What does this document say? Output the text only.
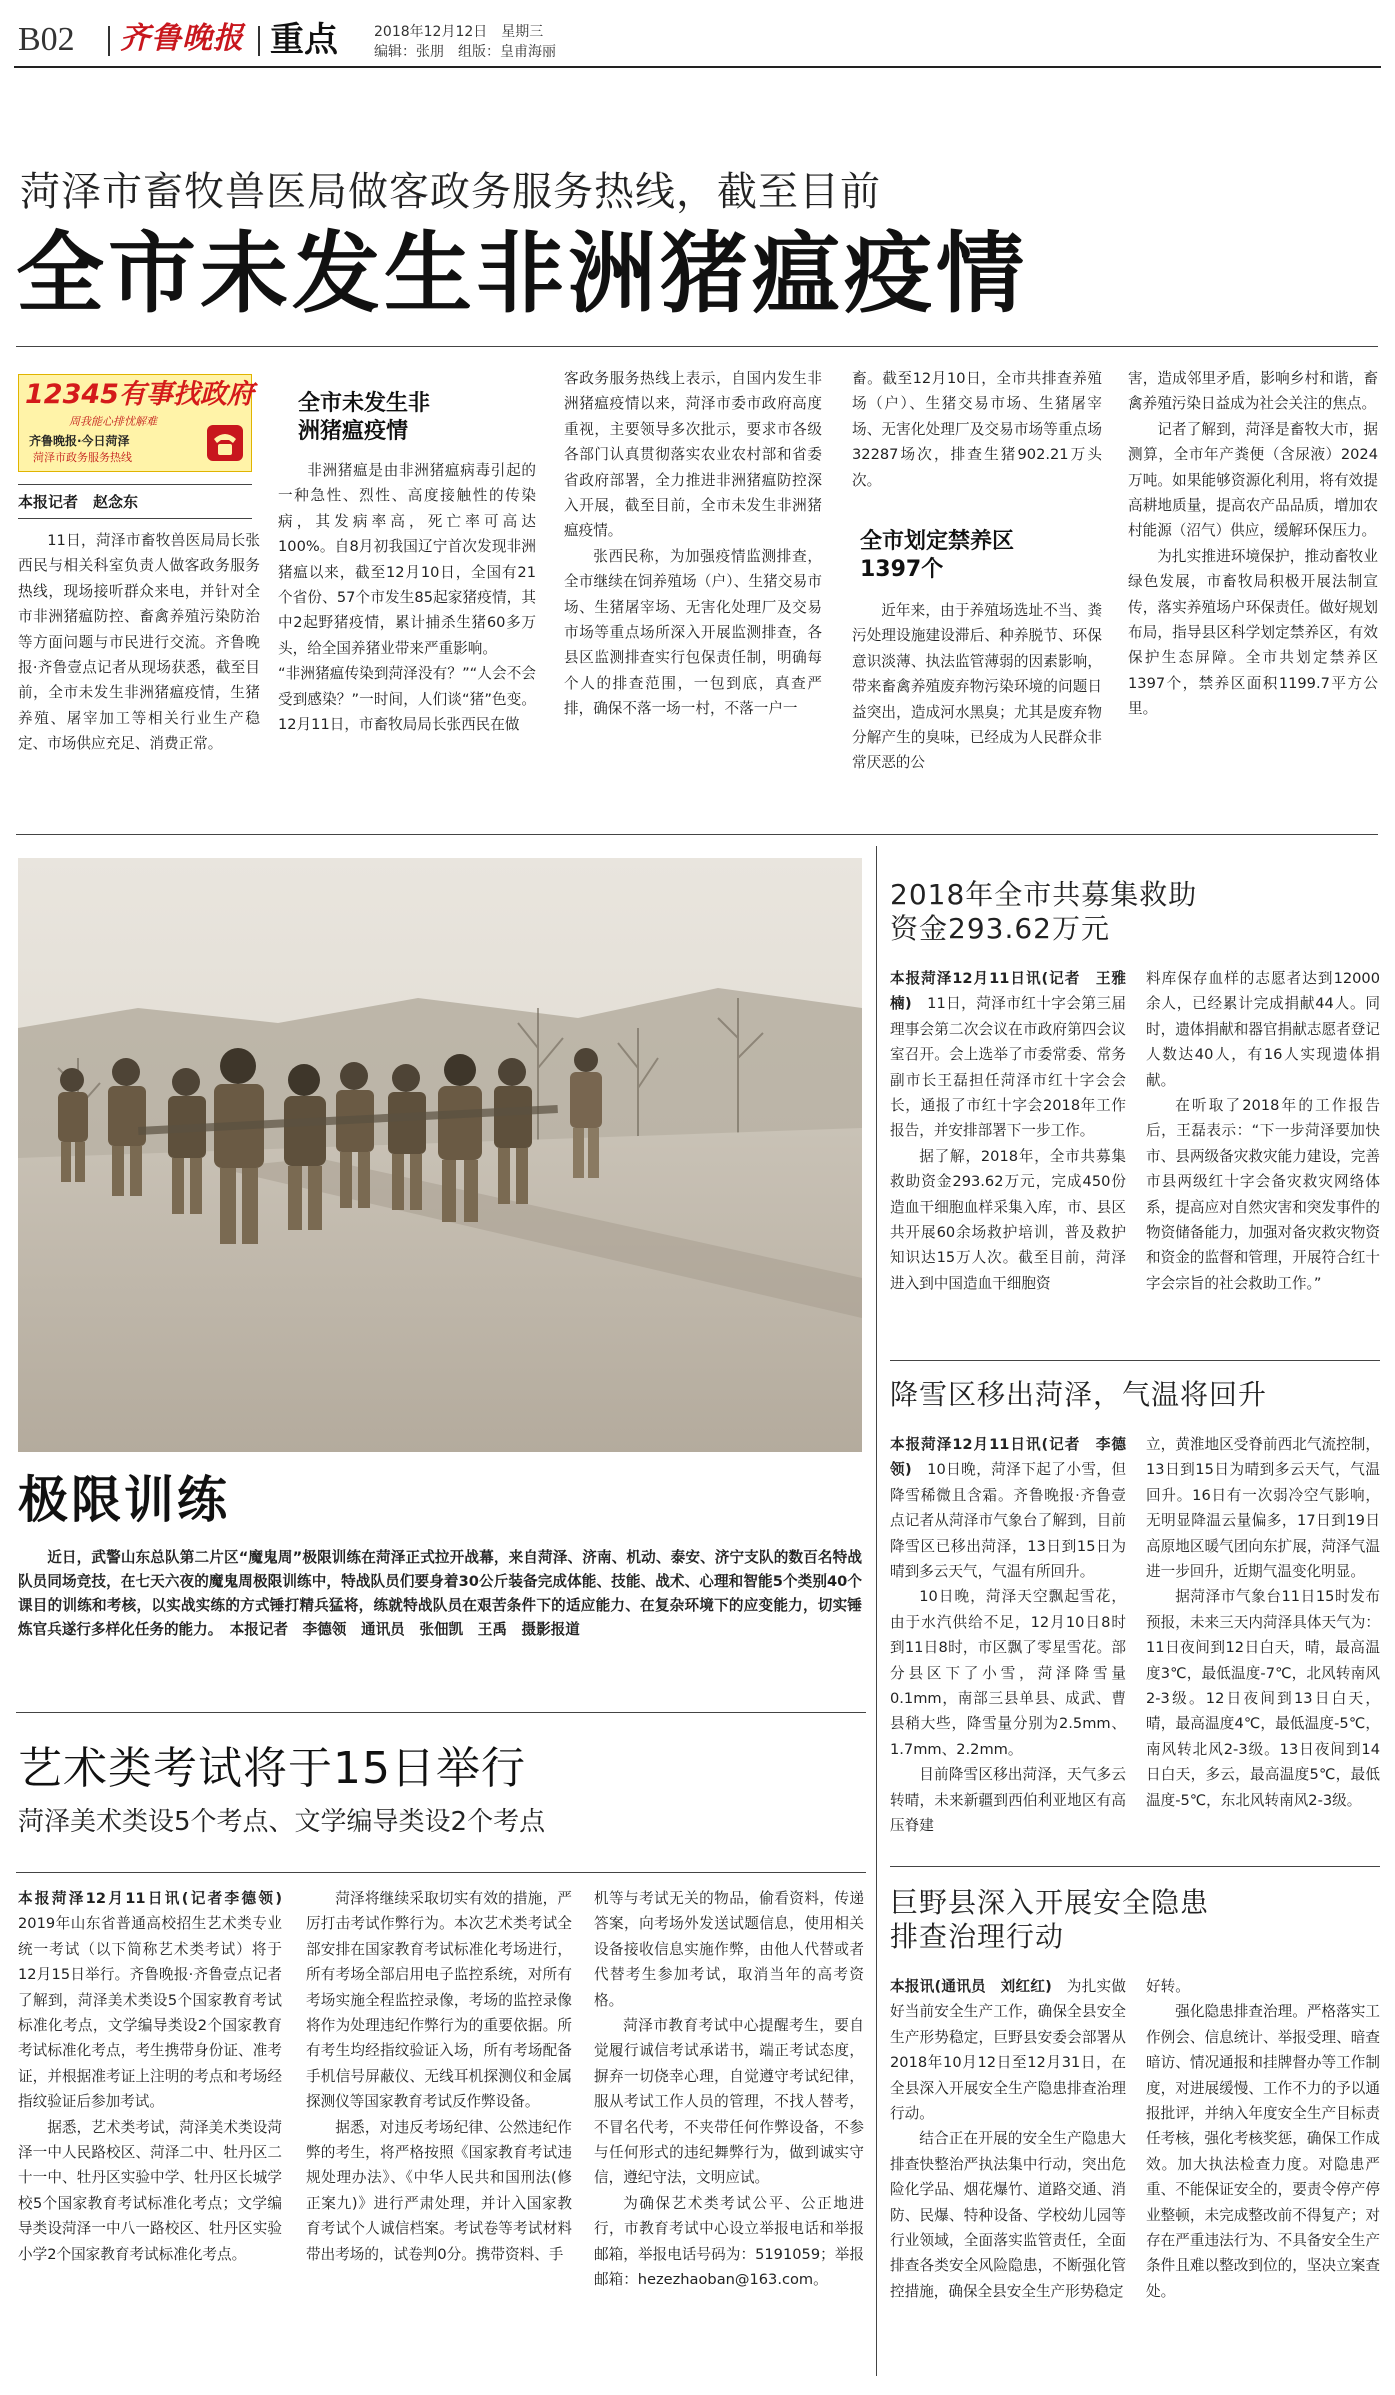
B02 齐鲁晚报 重点	2018年12月12日　 星期三
编辑：张朋　 组版：皇甫海丽
菏泽市畜牧兽医局做客政务服务热线，截至目前
全市未发生非洲猪瘟疫情
12345有事找政府
周我能心排忧解难
齐鲁晚报·今日菏泽
菏泽市政务服务热线
本报记者　赵念东

11日，菏泽市畜牧兽医局局长张西民与相关科室负责人做客政务服务热线，现场接听群众来电，并针对全市非洲猪瘟防控、畜禽养殖污染防治等方面问题与市民进行交流。齐鲁晚报·齐鲁壹点记者从现场获悉，截至目前，全市未发生非洲猪瘟疫情，生猪养殖、屠宰加工等相关行业生产稳定、市场供应充足、消费正常。

全市未发生非洲猪瘟疫情

非洲猪瘟是由非洲猪瘟病毒引起的一种急性、烈性、高度接触性的传染病，其发病率高，死亡率可高达100%。自8月初我国辽宁首次发现非洲猪瘟以来，截至12月10日，全国有21个省份、57个市发生85起家猪疫情，其中2起野猪疫情，累计捕杀生猪60多万头，给全国养猪业带来严重影响。
“非洲猪瘟传染到菏泽没有？”“人会不会受到感染？”一时间，人们谈“猪”色变。12月11日，市畜牧局局长张西民在做

客政务服务热线上表示，自国内发生非洲猪瘟疫情以来，菏泽市委市政府高度重视，主要领导多次批示，要求市各级各部门认真贯彻落实农业农村部和省委省政府部署，全力推进非洲猪瘟防控深入开展，截至目前，全市未发生非洲猪瘟疫情。

张西民称，为加强疫情监测排查，全市继续在饲养殖场（户）、生猪交易市场、生猪屠宰场、无害化处理厂及交易市场等重点场所深入开展监测排查，各县区监测排查实行包保责任制，明确每个人的排查范围，一包到底，真查严排，确保不落一场一村，不落一户一

畜。截至12月10日，全市共排查养殖场（户）、生猪交易市场、生猪屠宰场、无害化处理厂及交易市场等重点场32287场次，排查生猪902.21万头次。

全市划定禁养区1397个

近年来，由于养殖场选址不当、粪污处理设施建设滞后、种养脱节、环保意识淡薄、执法监管薄弱的因素影响，带来畜禽养殖废弃物污染环境的问题日益突出，造成河水黑臭；尤其是废弃物分解产生的臭味，已经成为人民群众非常厌恶的公

害，造成邻里矛盾，影响乡村和谐，畜禽养殖污染日益成为社会关注的焦点。

记者了解到，菏泽是畜牧大市，据测算，全市年产粪便（含尿液）2024万吨。如果能够资源化利用，将有效提高耕地质量，提高农产品品质，增加农村能源（沼气）供应，缓解环保压力。

为扎实推进环境保护，推动畜牧业绿色发展，市畜牧局积极开展法制宣传，落实养殖场户环保责任。做好规划布局，指导县区科学划定禁养区，有效保护生态屏障。全市共划定禁养区1397个，禁养区面积1199.7平方公里。

极限训练

近日，武警山东总队第二片区“魔鬼周”极限训练在菏泽正式拉开战幕，来自菏泽、济南、机动、泰安、济宁支队的数百名特战队员同场竞技，在七天六夜的魔鬼周极限训练中，特战队员们要身着30公斤装备完成体能、技能、战术、心理和智能5个类别40个课目的训练和考核，以实战实练的方式锤打精兵猛将，练就特战队员在艰苦条件下的适应能力、在复杂环境下的应变能力，切实锤炼官兵遂行多样化任务的能力。　 本报记者　李德领　通讯员　张佃凯　王禹　摄影报道

艺术类考试将于15日举行
菏泽美术类设5个考点、文学编导类设2个考点

本报菏泽12月11日讯(记者李德领)　2019年山东省普通高校招生艺术类专业统一考试（以下简称艺术类考试）将于12月15日举行。齐鲁晚报·齐鲁壹点记者了解到，菏泽美术类设5个国家教育考试标准化考点，文学编导类设2个国家教育考试标准化考点，考生携带身份证、准考证，并根据准考证上注明的考点和考场经指纹验证后参加考试。

据悉，艺术类考试，菏泽美术类设菏泽一中人民路校区、菏泽二中、牡丹区二十一中、牡丹区实验中学、牡丹区长城学校5个国家教育考试标准化考点；文学编导类设菏泽一中八一路校区、牡丹区实验小学2个国家教育考试标准化考点。

菏泽将继续采取切实有效的措施，严厉打击考试作弊行为。本次艺术类考试全部安排在国家教育考试标准化考场进行，所有考场全部启用电子监控系统，对所有考场实施全程监控录像，考场的监控录像将作为处理违纪作弊行为的重要依据。所有考生均经指纹验证入场，所有考场配备手机信号屏蔽仪、无线耳机探测仪和金属探测仪等国家教育考试反作弊设备。

据悉，对违反考场纪律、公然违纪作弊的考生，将严格按照《国家教育考试违规处理办法》、《中华人民共和国刑法(修正案九)》进行严肃处理，并计入国家教育考试个人诚信档案。考试卷等考试材料带出考场的，试卷判0分。携带资料、手

机等与考试无关的物品，偷看资料，传递答案，向考场外发送试题信息，使用相关设备接收信息实施作弊，由他人代替或者代替考生参加考试，取消当年的高考资格。

菏泽市教育考试中心提醒考生，要自觉履行诚信考试承诺书，端正考试态度，摒弃一切侥幸心理，自觉遵守考试纪律，服从考试工作人员的管理，不找人替考，不冒名代考，不夹带任何作弊设备，不参与任何形式的违纪舞弊行为，做到诚实守信，遵纪守法，文明应试。

为确保艺术类考试公平、公正地进行，市教育考试中心设立举报电话和举报邮箱，举报电话号码为：5191059；举报邮箱：hezezhaoban@163.com。

2018年全市共募集救助资金293.62万元

本报菏泽12月11日讯(记者　王雅楠)　 11日，菏泽市红十字会第三届理事会第二次会议在市政府第四会议室召开。会上选举了市委常委、常务副市长王磊担任菏泽市红十字会会长，通报了市红十字会2018年工作报告，并安排部署下一步工作。

据了解，2018年，全市共募集救助资金293.62万元，完成450份造血干细胞血样采集入库，市、县区共开展60余场救护培训，普及救护知识达15万人次。截至目前，菏泽进入到中国造血干细胞资

料库保存血样的志愿者达到12000余人，已经累计完成捐献44人。同时，遗体捐献和器官捐献志愿者登记人数达40人，有16人实现遗体捐献。

在听取了2018年的工作报告后，王磊表示：“下一步菏泽要加快市、县两级备灾救灾能力建设，完善市县两级红十字会备灾救灾网络体系，提高应对自然灾害和突发事件的物资储备能力，加强对备灾救灾物资和资金的监督和管理，开展符合红十字会宗旨的社会救助工作。”

降雪区移出菏泽，气温将回升

本报菏泽12月11日讯(记者　李德领)　 10日晚，菏泽下起了小雪，但降雪稀微且含霜。齐鲁晚报·齐鲁壹点记者从菏泽市气象台了解到，目前降雪区已移出菏泽，13日到15日为晴到多云天气，气温有所回升。

10日晚，菏泽天空飘起雪花，由于水汽供给不足，12月10日8时到11日8时，市区飘了零星雪花。部分县区下了小雪，菏泽降雪量0.1mm，南部三县单县、成武、曹县稍大些，降雪量分别为2.5mm、1.7mm、2.2mm。

目前降雪区移出菏泽，天气多云转晴，未来新疆到西伯利亚地区有高压脊建

立，黄淮地区受脊前西北气流控制，13日到15日为晴到多云天气，气温回升。16日有一次弱冷空气影响，无明显降温云量偏多，17日到19日高原地区暖气团向东扩展，菏泽气温进一步回升，近期气温变化明显。

据菏泽市气象台11日15时发布预报，未来三天内菏泽具体天气为：11日夜间到12日白天，晴，最高温度3℃，最低温度-7℃，北风转南风2-3级。12日夜间到13日白天，晴，最高温度4℃，最低温度-5℃，南风转北风2-3级。13日夜间到14日白天，多云，最高温度5℃，最低温度-5℃，东北风转南风2-3级。

巨野县深入开展安全隐患排查治理行动

本报讯(通讯员　刘红红)　 为扎实做好当前安全生产工作，确保全县安全生产形势稳定，巨野县安委会部署从2018年10月12日至12月31日，在全县深入开展安全生产隐患排查治理行动。

结合正在开展的安全生产隐患大排查快整治严执法集中行动，突出危险化学品、烟花爆竹、道路交通、消防、民爆、特种设备、学校幼儿园等行业领域，全面落实监管责任，全面排查各类安全风险隐患，不断强化管控措施，确保全县安全生产形势稳定

好转。

强化隐患排查治理。严格落实工作例会、信息统计、举报受理、暗查暗访、情况通报和挂牌督办等工作制度，对进展缓慢、工作不力的予以通报批评，并纳入年度安全生产目标责任考核，强化考核奖惩，确保工作成效。加大执法检查力度。对隐患严重、不能保证安全的，要责令停产停业整顿，未完成整改前不得复产；对存在严重违法行为、不具备安全生产条件且难以整改到位的，坚决立案查处。
